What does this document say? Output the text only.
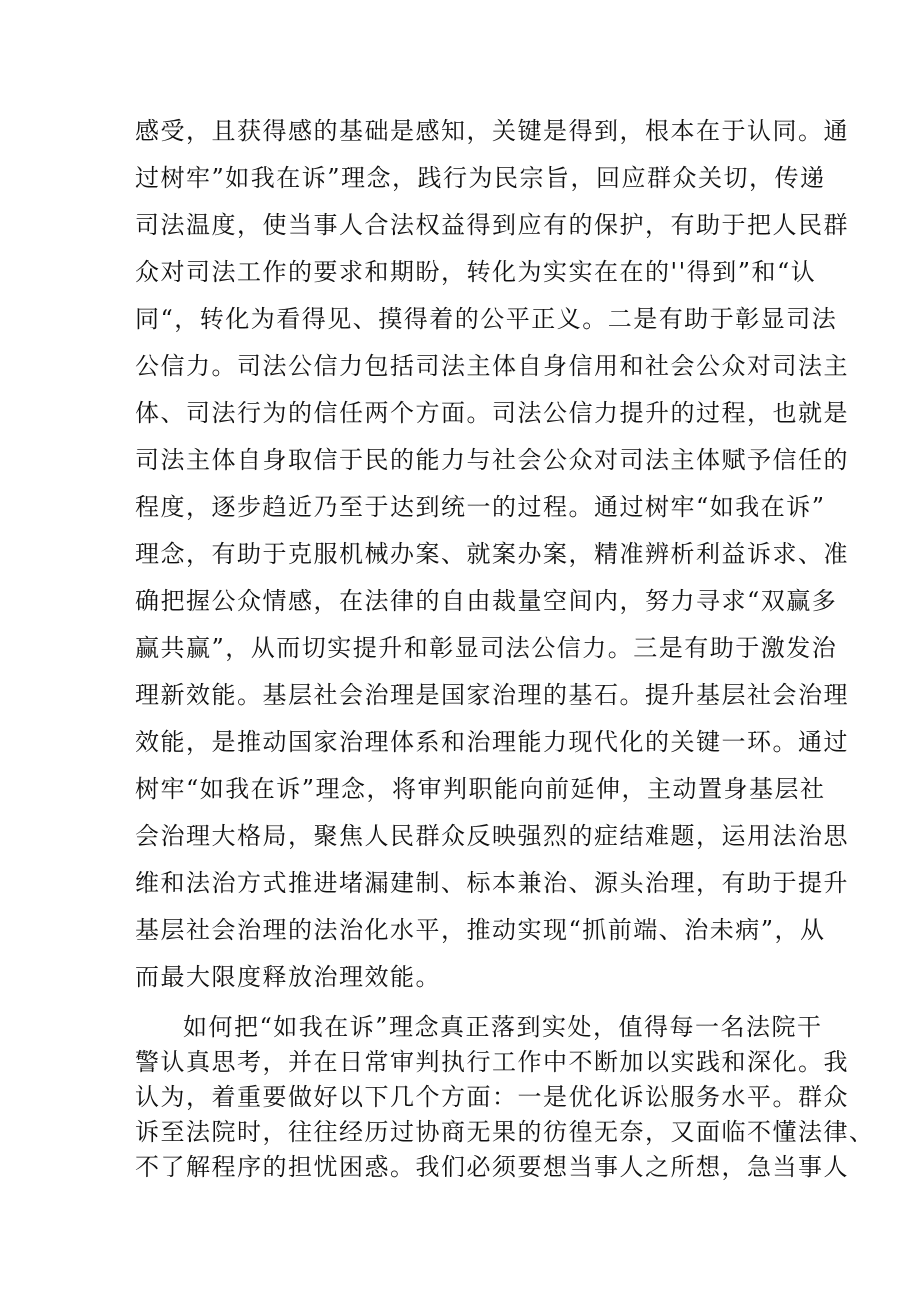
感受，且获得感的基础是感知，关键是得到，根本在于认同。通
过树牢”如我在诉”理念，践行为民宗旨，回应群众关切，传递
司法温度，使当事人合法权益得到应有的保护，有助于把人民群
众对司法工作的要求和期盼，转化为实实在在的''得到”和“认
同“，转化为看得见、摸得着的公平正义。二是有助于彰显司法
公信力。司法公信力包括司法主体自身信用和社会公众对司法主
体、司法行为的信任两个方面。司法公信力提升的过程，也就是
司法主体自身取信于民的能力与社会公众对司法主体赋予信任的
程度，逐步趋近乃至于达到统一的过程。通过树牢“如我在诉”
理念，有助于克服机械办案、就案办案，精准辨析利益诉求、准
确把握公众情感，在法律的自由裁量空间内，努力寻求“双赢多
赢共赢”，从而切实提升和彰显司法公信力。三是有助于激发治
理新效能。基层社会治理是国家治理的基石。提升基层社会治理
效能，是推动国家治理体系和治理能力现代化的关键一环。通过
树牢“如我在诉”理念，将审判职能向前延伸，主动置身基层社
会治理大格局，聚焦人民群众反映强烈的症结难题，运用法治思
维和法治方式推进堵漏建制、标本兼治、源头治理，有助于提升
基层社会治理的法治化水平，推动实现“抓前端、治未病”，从
而最大限度释放治理效能。
如何把“如我在诉”理念真正落到实处，值得每一名法院干
警认真思考，并在日常审判执行工作中不断加以实践和深化。我
认为，着重要做好以下几个方面：一是优化诉讼服务水平。群众
诉至法院时，往往经历过协商无果的彷徨无奈，又面临不懂法律、
不了解程序的担忧困惑。我们必须要想当事人之所想，急当事人
